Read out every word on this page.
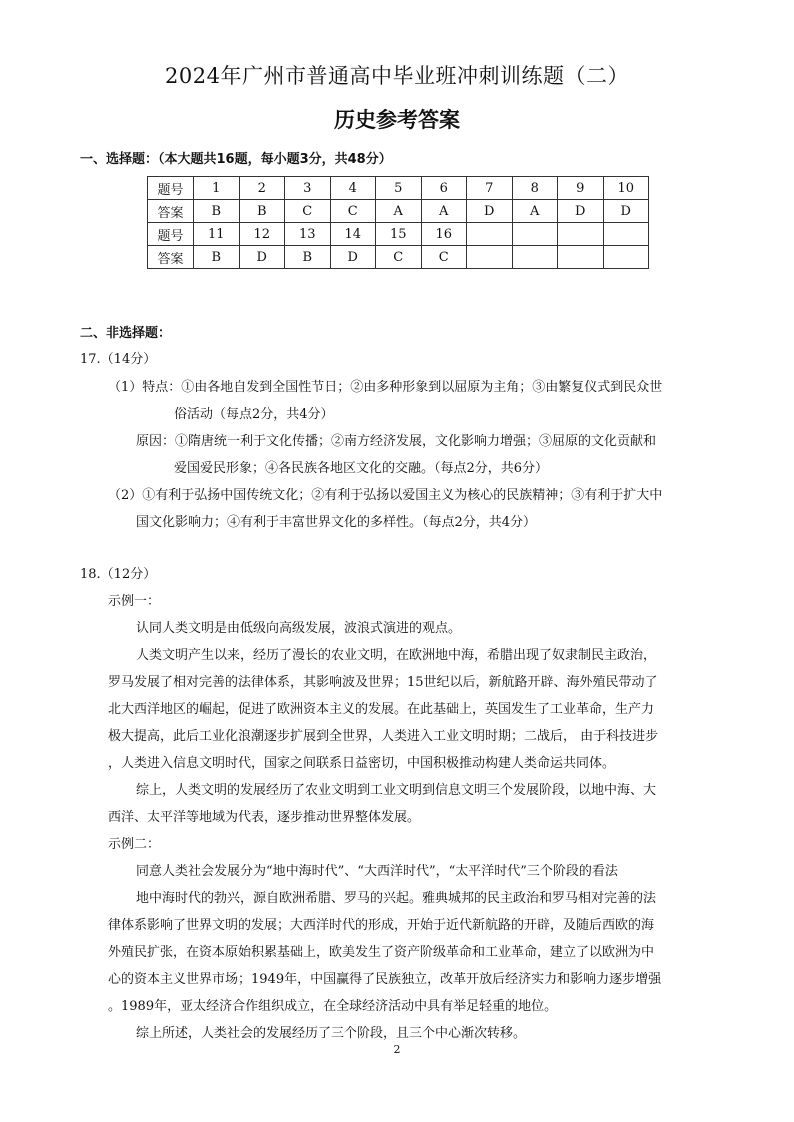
2024年广州市普通高中毕业班冲刺训练题（二）
历史参考答案
一、选择题：（本大题共16题，每小题3分，共48分）
题号	1	2	3	4	5	6	7	8	9	10
答案	B	B	C	C	A	A	D	A	D	D
题号	11	12	13	14	15	16				
答案	B	D	B	D	C	C				
二、非选择题：
17.（14分）
（1）特点：①由各地自发到全国性节日；②由多种形象到以屈原为主角；③由繁复仪式到民众世
俗活动（每点2分，共4分）
原因：①隋唐统一利于文化传播；②南方经济发展，文化影响力增强；③屈原的文化贡献和
爱国爱民形象；④各民族各地区文化的交融。（每点2分，共6分）
（2）①有利于弘扬中国传统文化；②有利于弘扬以爱国主义为核心的民族精神；③有利于扩大中
国文化影响力；④有利于丰富世界文化的多样性。（每点2分，共4分）
18.（12分）
示例一：
认同人类文明是由低级向高级发展，波浪式演进的观点。
人类文明产生以来，经历了漫长的农业文明，在欧洲地中海，希腊出现了奴隶制民主政治，
罗马发展了相对完善的法律体系，其影响波及世界；15世纪以后，新航路开辟、海外殖民带动了
北大西洋地区的崛起，促进了欧洲资本主义的发展。在此基础上，英国发生了工业革命，生产力
极大提高，此后工业化浪潮逐步扩展到全世界，人类进入工业文明时期；二战后， 由于科技进步
，人类进入信息文明时代，国家之间联系日益密切，中国积极推动构建人类命运共同体。
综上，人类文明的发展经历了农业文明到工业文明到信息文明三个发展阶段，以地中海、大
西洋、太平洋等地域为代表，逐步推动世界整体发展。
示例二：
同意人类社会发展分为“地中海时代”、“大西洋时代”，“太平洋时代”三个阶段的看法
地中海时代的勃兴，源自欧洲希腊、罗马的兴起。雅典城邦的民主政治和罗马相对完善的法
律体系影响了世界文明的发展；大西洋时代的形成，开始于近代新航路的开辟，及随后西欧的海
外殖民扩张，在资本原始积累基础上，欧美发生了资产阶级革命和工业革命，建立了以欧洲为中
心的资本主义世界市场；1949年，中国赢得了民族独立，改革开放后经济实力和影响力逐步增强
。1989年，亚太经济合作组织成立，在全球经济活动中具有举足轻重的地位。
综上所述，人类社会的发展经历了三个阶段，且三个中心渐次转移。
2
